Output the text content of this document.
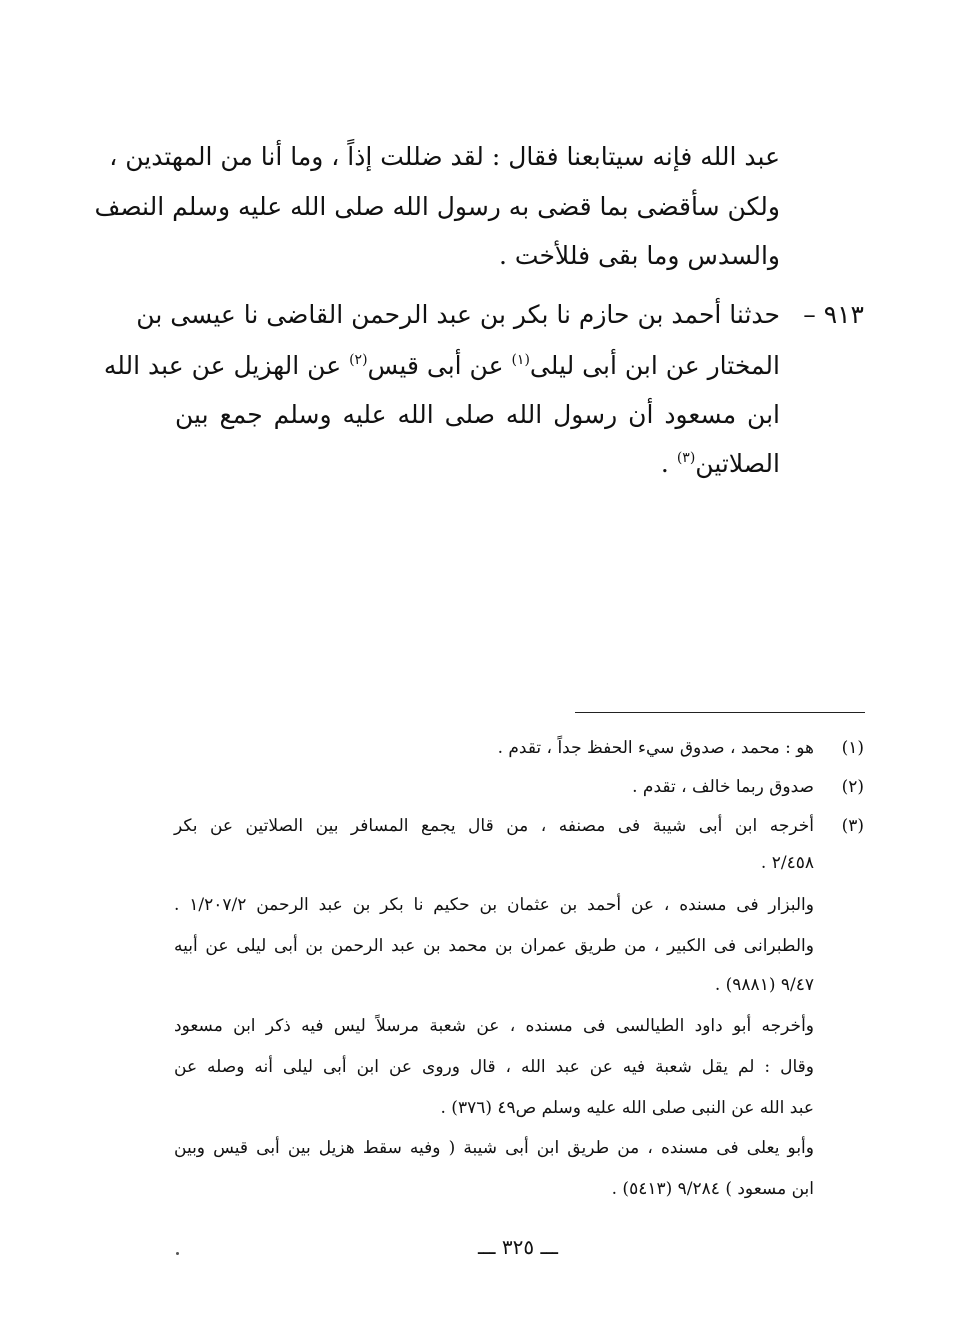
عبد الله فإنه سيتابعنا فقال : لقد ضللت إذاً ، وما أنا من المهتدين ،
ولكن سأقضى بما قضى به رسول الله صلى الله عليه وسلم النصف
والسدس وما بقى فللأخت .
٩١٣ –
حدثنا أحمد بن حازم نا بكر بن عبد الرحمن القاضى نا عيسى بن
المختار عن ابن أبى ليلى$^{(١)}$ عن أبى قيس$^{(٢)}$ عن الهزيل عن عبد الله
ابن مسعود أن رسول الله صلى الله عليه وسلم جمع بين
الصلاتين$^{(٣)}$ .
(١)
هو : محمد ، صدوق سيء الحفظ جداً ، تقدم .
(٢)
صدوق ربما خالف ، تقدم .
(٣)
أخرجه ابن أبى شيبة فى مصنفه ، من قال يجمع المسافر بين الصلاتين عن بكر
٢/٤٥٨ .
والبزار فى مسنده ، عن أحمد بن عثمان بن حكيم نا بكر بن عبد الرحمن ١/٢٠٧/٢ .
والطبرانى فى الكبير ، من طريق عمران بن محمد بن عبد الرحمن بن أبى ليلى عن أبيه
٩/٤٧ (٩٨٨١) .
وأخرجه أبو داود الطيالسى فى مسنده ، عن شعبة مرسلاً ليس فيه ذكر ابن مسعود
وقال : لم يقل شعبة فيه عن عبد الله ، قال وروى عن ابن أبى ليلى أنه وصله عن
عبد الله عن النبى صلى الله عليه وسلم ص٤٩ (٣٧٦) .
وأبو يعلى فى مسنده ، من طريق ابن أبى شيبة ( وفيه سقط هزيل بين أبى قيس وبين
ابن مسعود ) ٩/٢٨٤ (٥٤١٣) .
ـــ ٣٢٥ ـــ
